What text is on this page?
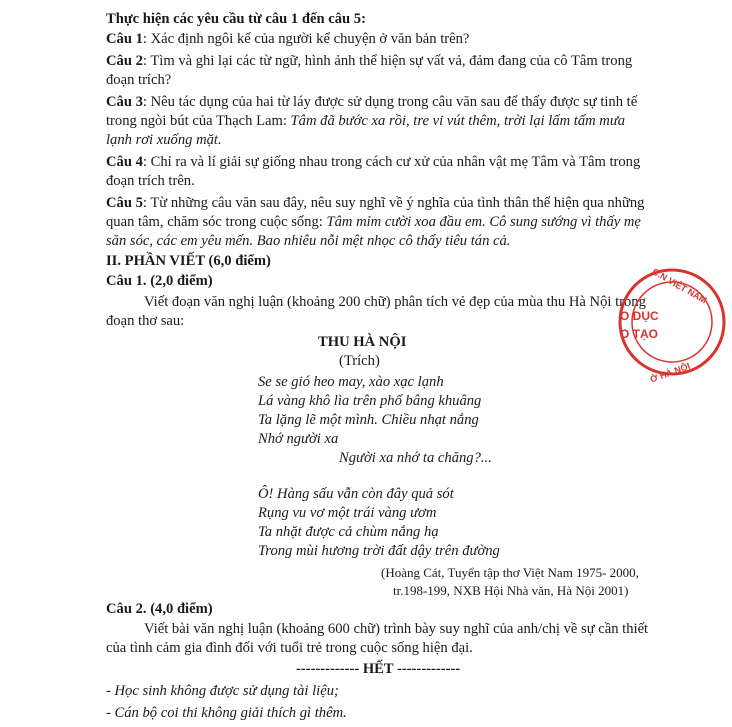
Thực hiện các yêu cầu từ câu 1 đến câu 5:
Câu 1: Xác định ngôi kể của người kể chuyện ở văn bản trên?
Câu 2: Tìm và ghi lại các từ ngữ, hình ảnh thể hiện sự vất vả, đảm đang của cô Tâm trong
đoạn trích?
Câu 3: Nêu tác dụng của hai từ láy được sử dụng trong câu văn sau để thấy được sự tinh tế
trong ngòi bút của Thạch Lam: Tâm đã bước xa rồi, tre vi vút thêm, trời lại lấm tấm mưa
lạnh rơi xuống mặt.
Câu 4: Chỉ ra và lí giải sự giống nhau trong cách cư xử của nhân vật mẹ Tâm và Tâm trong
đoạn trích trên.
Câu 5: Từ những câu văn sau đây, nêu suy nghĩ về ý nghĩa của tình thân thể hiện qua những
quan tâm, chăm sóc trong cuộc sống: Tâm mỉm cười xoa đầu em. Cô sung sướng vì thấy mẹ
săn sóc, các em yêu mến. Bao nhiêu nỗi mệt nhọc cô thấy tiêu tán cả.
II. PHẦN VIẾT (6,0 điểm)
Câu 1. (2,0 điểm)
Viết đoạn văn nghị luận (khoảng 200 chữ) phân tích vẻ đẹp của mùa thu Hà Nội trong
đoạn thơ sau:
THU HÀ NỘI
(Trích)
Se se gió heo may, xào xạc lạnh
Lá vàng khô lìa trên phố bâng khuâng
Ta lặng lẽ một mình. Chiều nhạt nắng
Nhớ người xa
Người xa nhớ ta chăng?...
Ô! Hàng sấu vẫn còn đây quả sót
Rụng vu vơ một trái vàng ươm
Ta nhặt được cả chùm nắng hạ
Trong mùi hương trời đất dậy trên đường
(Hoàng Cát, Tuyển tập thơ Việt Nam 1975- 2000,
tr.198-199, NXB Hội Nhà văn, Hà Nội 2001)
Câu 2. (4,0 điểm)
Viết bài văn nghị luận (khoảng 600 chữ) trình bày suy nghĩ của anh/chị về sự cần thiết
của tình cảm gia đình đối với tuổi trẻ trong cuộc sống hiện đại.
------------- HẾT -------------
- Học sinh không được sử dụng tài liệu;
- Cán bộ coi thi không giải thích gì thêm.
C.N VIỆT NAM
O DỤC
O TẠO
Ở HÀ NỘI
